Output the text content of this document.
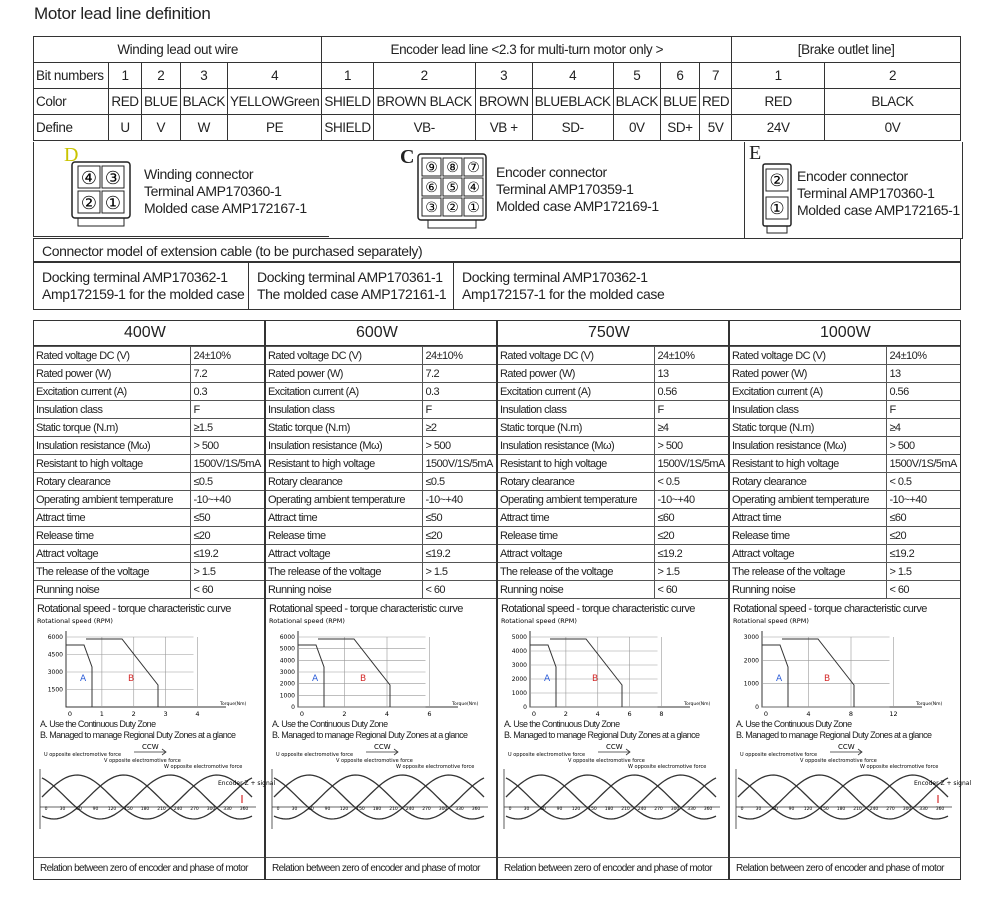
Motor lead line definition
Winding lead out wire					Encoder lead line <2.3 for multi-turn motor only >							[Brake outlet line]	
Bit numbers	1	2	3	4	1	2	3	4	5	6	7	1	2
Color	RED	BLUE	BLACK	YELLOWGreen	SHIELD	BROWN BLACK	BROWN	BLUEBLACK	BLACK	BLUE	RED	RED	BLACK
Define	U	V	W	PE	SHIELD	VB-	VB +	SD-	0V	SD+	5V	24V	0V
D
④ ③
② ①
Winding connector
Terminal AMP170360-1
Molded case AMP172167-1
C ⑨ ⑧ ⑦
⑥ ⑤ ④
③ ② ①
Encoder connector
Terminal AMP170359-1
Molded case AMP172169-1
E
②
①
Encoder connector
Terminal AMP170360-1
Molded case AMP172165-1
Connector model of extension cable (to be purchased separately)
Docking terminal AMP170362-1
Amp172159-1 for the molded case
Docking terminal AMP170361-1
The molded case AMP172161-1
Docking terminal AMP170362-1
Amp172157-1 for the molded case
400W
Rated voltage DC (V)	24±10%
Rated power (W)	7.2
Excitation current (A)	0.3
Insulation class	F
Static torque (N.m)	≥1.5
Insulation resistance (Mω)	> 500
Resistant to high voltage	1500V/1S/5mA
Rotary clearance	≤0.5
Operating ambient temperature	-10~+40
Attract time	≤50
Release time	≤20
Attract voltage	≤19.2
The release of the voltage	> 1.5
Running noise	< 60
Rotational speed - torque characteristic curve
Rotational speed (RPM)
6000
4500
3000
1500
0	1	2	3	4
Torque(Nm)
A	B
A. Use the Continuous Duty Zone
B. Managed to manage Regional Duty Zones at a glance
CCW
U opposite electromotive force
V opposite electromotive force
W opposite electromotive force
0	30 60 90 120 150 180 210 240 270 300 330 360
Encoder Z + signal
Relation between zero of encoder and phase of motor
600W
Rated voltage DC (V)	24±10%
Rated power (W)	7.2
Excitation current (A)	0.3
Insulation class	F
Static torque (N.m)	≥2
Insulation resistance (Mω)	> 500
Resistant to high voltage	1500V/1S/5mA
Rotary clearance	≤0.5
Operating ambient temperature	-10~+40
Attract time	≤50
Release time	≤20
Attract voltage	≤19.2
The release of the voltage	> 1.5
Running noise	< 60
Rotational speed - torque characteristic curve
Rotational speed (RPM)
6000
5000
4000
3000
2000
1000
0
0	2	4	6
Torque(Nm)
A	B
A. Use the Continuous Duty Zone
B. Managed to manage Regional Duty Zones at a glance
CCW
U opposite electromotive force
V opposite electromotive force
W opposite electromotive force
0	30 60 90 120 150 180 210 240 270 300 330 360
Relation between zero of encoder and phase of motor
750W
Rated voltage DC (V)	24±10%
Rated power (W)	13
Excitation current (A)	0.56
Insulation class	F
Static torque (N.m)	≥4
Insulation resistance (Mω)	> 500
Resistant to high voltage	1500V/1S/5mA
Rotary clearance	< 0.5
Operating ambient temperature	-10~+40
Attract time	≤60
Release time	≤20
Attract voltage	≤19.2
The release of the voltage	> 1.5
Running noise	< 60
Rotational speed - torque characteristic curve
Rotational speed (RPM)
5000
4000
3000
2000
1000
0
0	2	4	6	8
Torque(Nm)
A	B
A. Use the Continuous Duty Zone
B. Managed to manage Regional Duty Zones at a glance
CCW
U opposite electromotive force
V opposite electromotive force
W opposite electromotive force
0	30 60 90 120 150 180 210 240 270 300 330 360
Relation between zero of encoder and phase of motor
1000W
Rated voltage DC (V)	24±10%
Rated power (W)	13
Excitation current (A)	0.56
Insulation class	F
Static torque (N.m)	≥4
Insulation resistance (Mω)	> 500
Resistant to high voltage	1500V/1S/5mA
Rotary clearance	< 0.5
Operating ambient temperature	-10~+40
Attract time	≤60
Release time	≤20
Attract voltage	≤19.2
The release of the voltage	> 1.5
Running noise	< 60
Rotational speed - torque characteristic curve
Rotational speed (RPM)
3000
2000
1000
0
0	4	8	12
Torque(Nm)
A	B
A. Use the Continuous Duty Zone
B. Managed to manage Regional Duty Zones at a glance
CCW
U opposite electromotive force
V opposite electromotive force
W opposite electromotive force
0	30 60 90 120 150 180 210 240 270 300 330 360
Encoder Z + signal
Relation between zero of encoder and phase of motor
